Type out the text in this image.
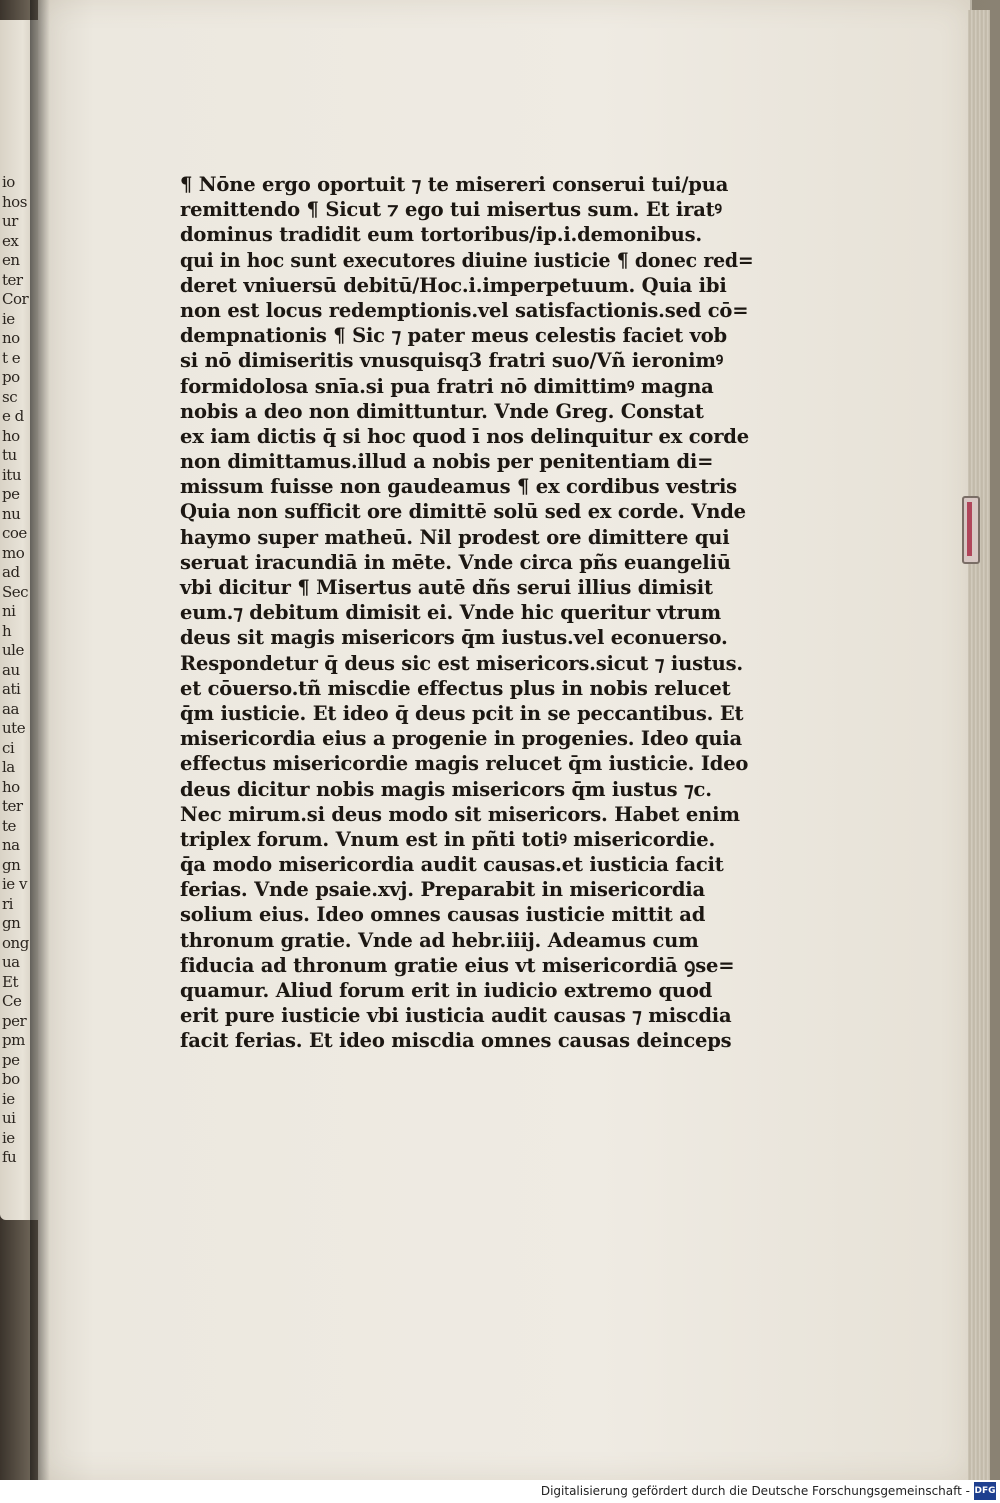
io
hos
ur
ex
en
ter
Cor
ie
no
t e
po
sc
e d
ho
tu
itu
pe
nu
coe
mo
ad
Sec
ni
h
ule
au
ati
aa
ute
ci
la
ho
ter
te
na
gn
ie v
ri
gn
ong
ua
Et
Ce
per
pm
pe
bo
ie
ui
ie
fu
¶ Nōne ergo oportuit ⁊ te misereri conserui tui/pua
remittendo ¶ Sicut ⁊ ego tui misertus sum. Et iratꝰ
dominus tradidit eum tortoribus/ip.i.demonibus.
qui in hoc sunt executores diuine iusticie ¶ donec red=
deret vniuersū debitū/Hoc.i.imperpetuum. Quia ibi
non est locus redemptionis.vel satisfactionis.sed cō=
dempnationis ¶ Sic ⁊ pater meus celestis faciet vob
si nō dimiseritis vnusquisq3 fratri suo/Vñ ieronimꝰ
formidolosa snīa.si pua fratri nō dimittimꝰ magna
nobis a deo non dimittuntur. Vnde Greg. Constat
ex iam dictis q̄ si hoc quod ī nos delinquitur ex corde
non dimittamus.illud a nobis per penitentiam di=
missum fuisse non gaudeamus ¶ ex cordibus vestris
Quia non sufficit ore dimittē solū sed ex corde. Vnde
haymo super matheū. Nil prodest ore dimittere qui
seruat iracundiā in mēte. Vnde circa pñs euangeliū
vbi dicitur ¶ Misertus autē dñs serui illius dimisit
eum.⁊ debitum dimisit ei. Vnde hic queritur vtrum
deus sit magis misericors q̄m iustus.vel econuerso.
Respondetur q̄ deus sic est misericors.sicut ⁊ iustus.
et cōuerso.tñ miscdie effectus plus in nobis relucet
q̄m iusticie. Et ideo q̄ deus pcit in se peccantibus. Et
misericordia eius a progenie in progenies. Ideo quia
effectus misericordie magis relucet q̄m iusticie. Ideo
deus dicitur nobis magis misericors q̄m iustus ⁊c.
Nec mirum.si deus modo sit misericors. Habet enim
triplex forum. Vnum est in pñti totiꝰ misericordie.
q̄a modo misericordia audit causas.et iusticia facit
ferias. Vnde psaie.xvj. Preparabit in misericordia
solium eius. Ideo omnes causas iusticie mittit ad
thronum gratie. Vnde ad hebr.iiij. Adeamus cum
fiducia ad thronum gratie eius vt misericordiā ꝯse=
quamur. Aliud forum erit in iudicio extremo quod
erit pure iusticie vbi iusticia audit causas ⁊ miscdia
facit ferias. Et ideo miscdia omnes causas deinceps
Digitalisierung gefördert durch die Deutsche Forschungsgemeinschaft - DFG
